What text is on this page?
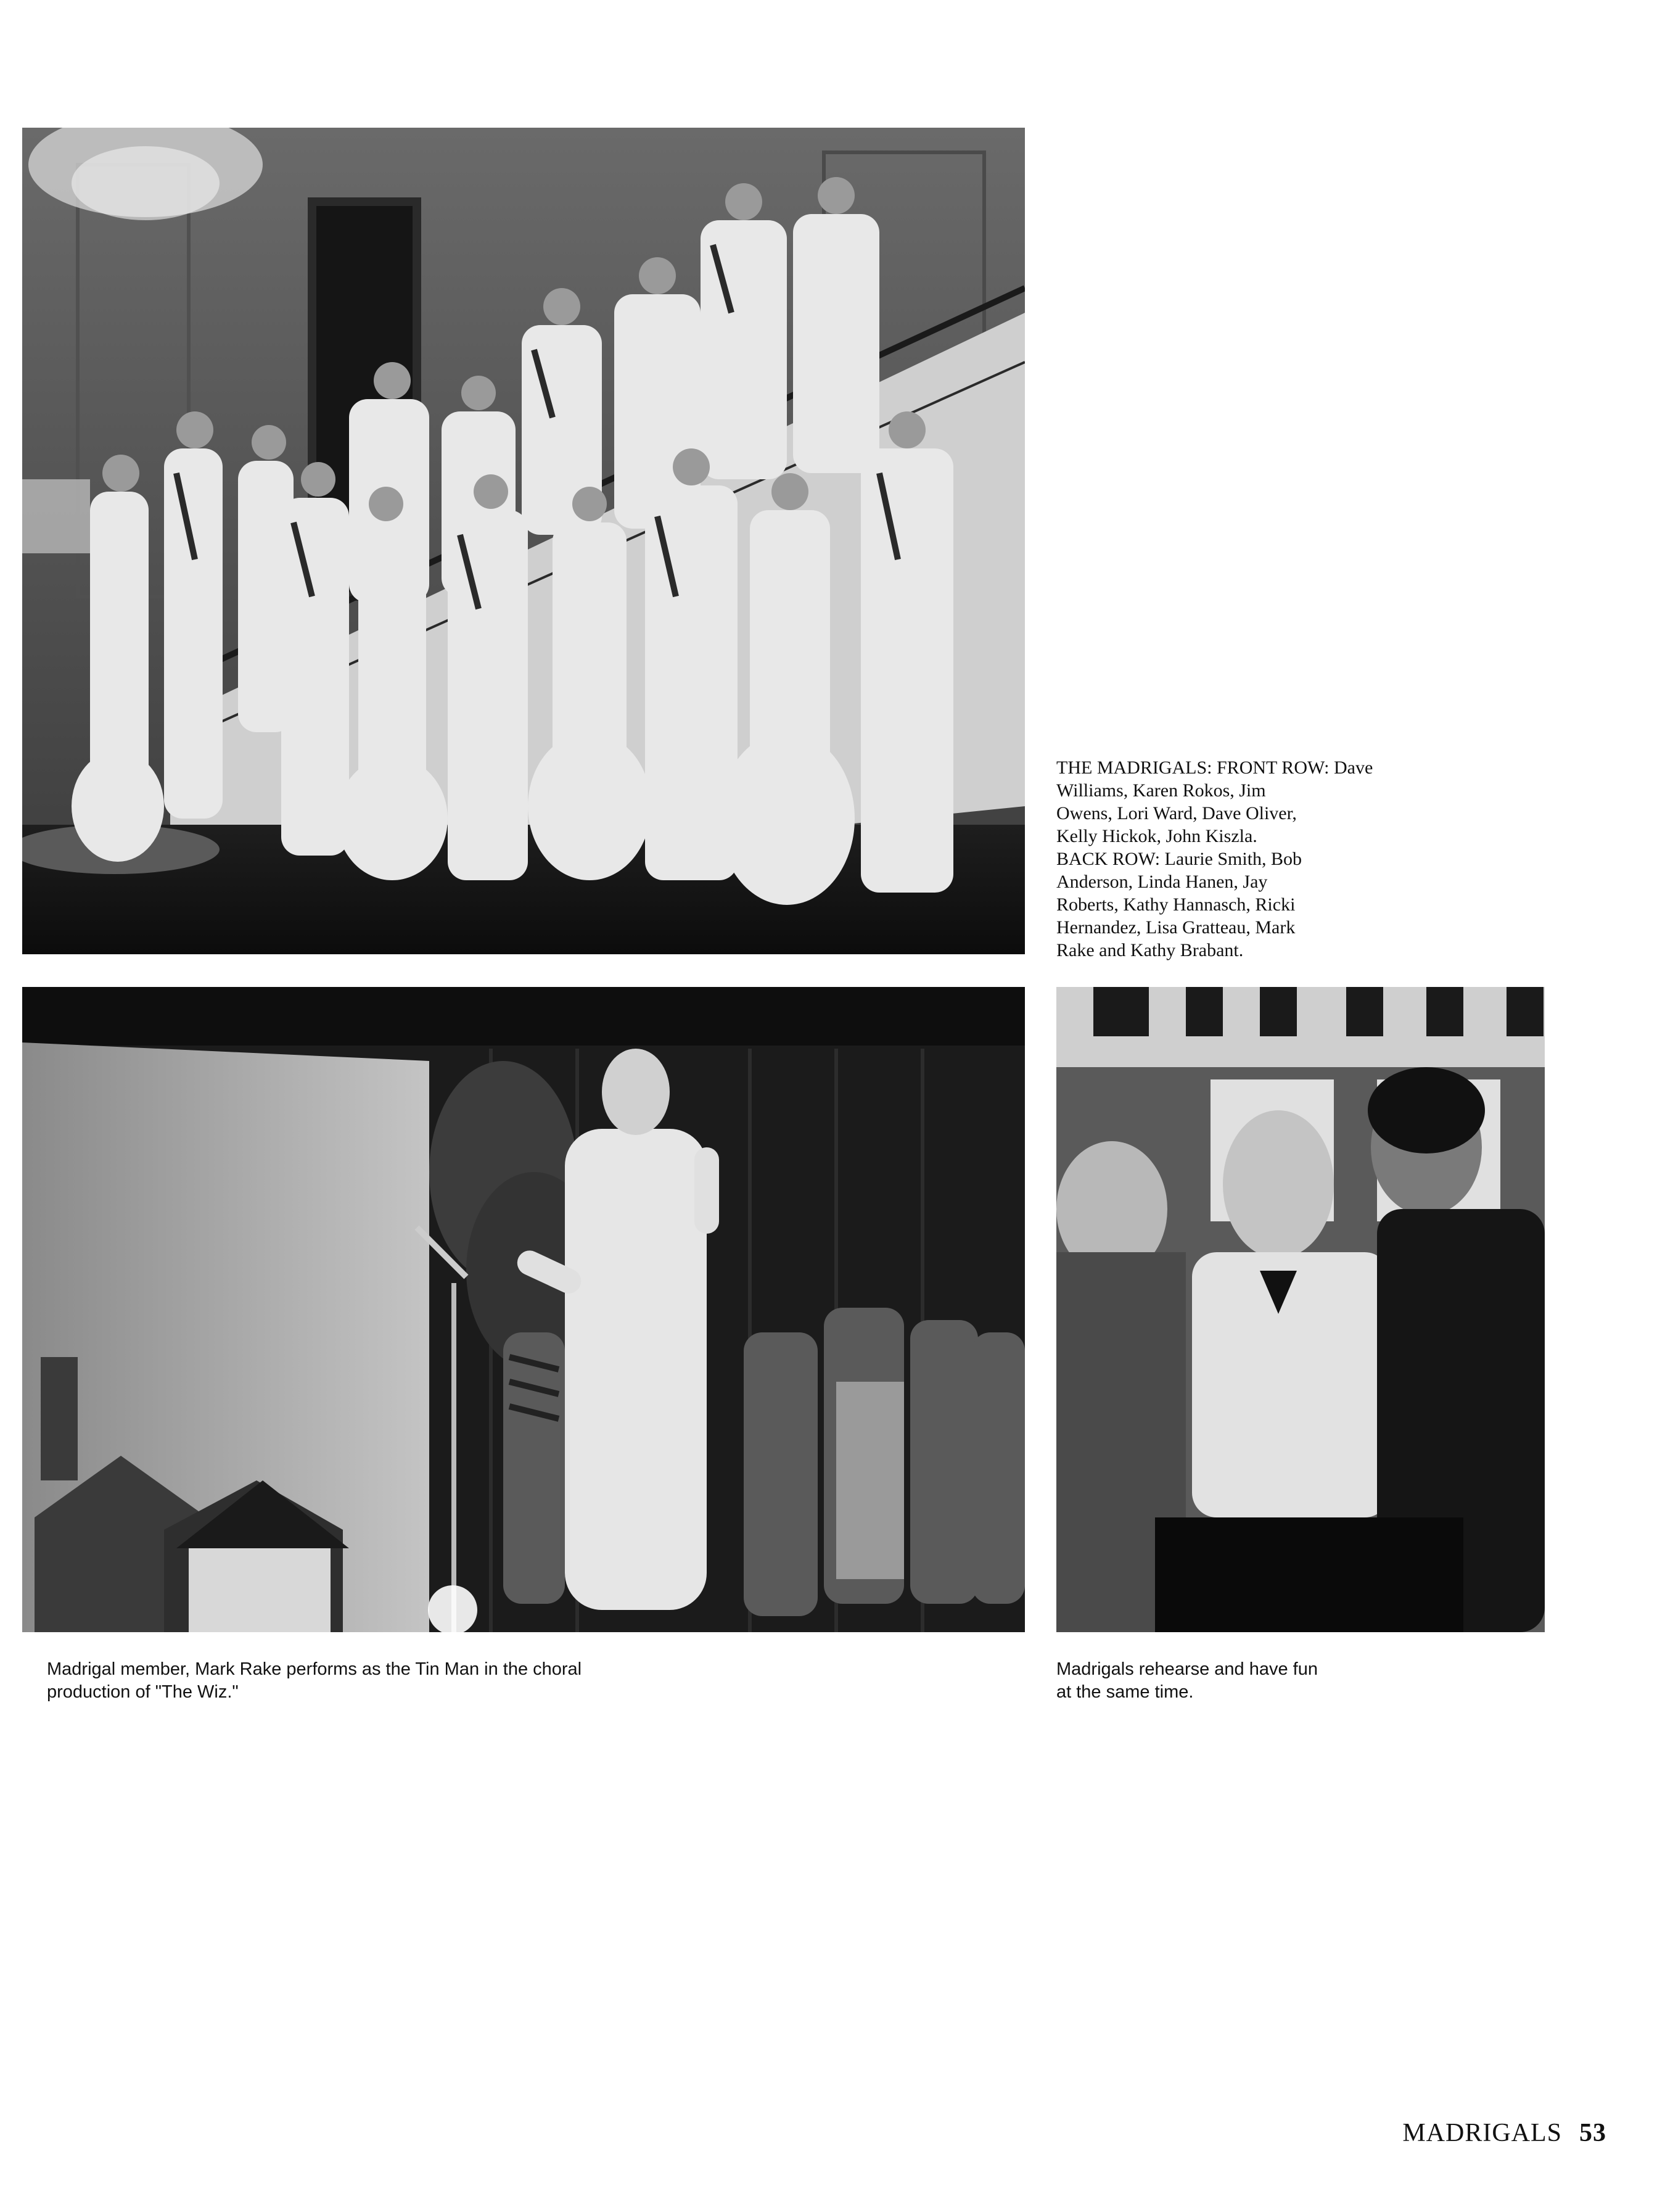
THE MADRIGALS: FRONT ROW: Dave
Williams, Karen Rokos, Jim
Owens, Lori Ward, Dave Oliver,
Kelly Hickok, John Kiszla.
BACK ROW: Laurie Smith, Bob
Anderson, Linda Hanen, Jay
Roberts, Kathy Hannasch, Ricki
Hernandez, Lisa Gratteau, Mark
Rake and Kathy Brabant.
Madrigal member, Mark Rake performs as the Tin Man in the choral
production of "The Wiz."
Madrigals rehearse and have fun
at the same time.
MADRIGALS 53
